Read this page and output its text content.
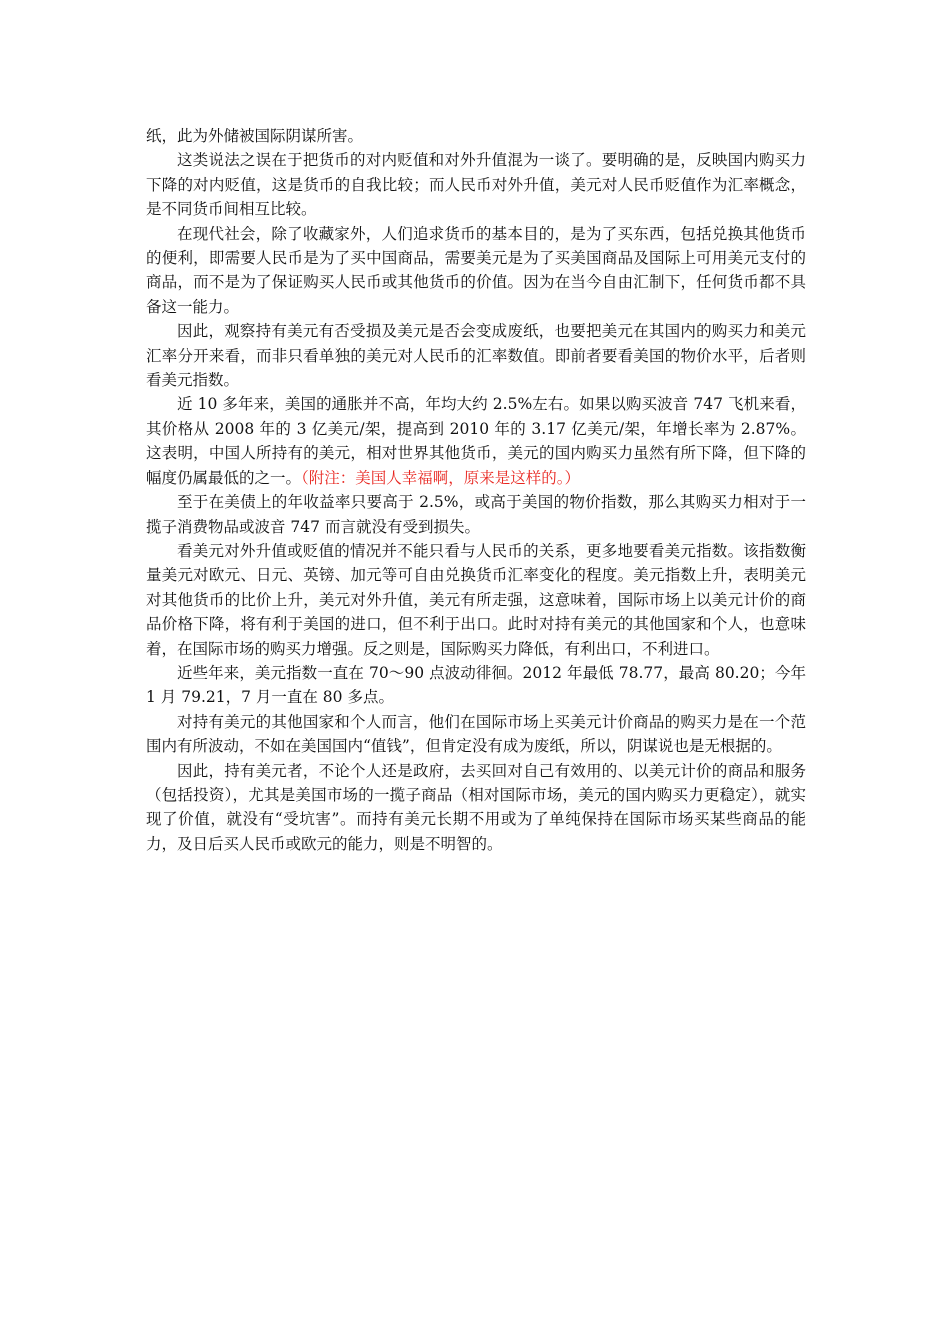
纸，此为外储被国际阴谋所害。

这类说法之误在于把货币的对内贬值和对外升值混为一谈了。要明确的是，反映国内购买力下降的对内贬值，这是货币的自我比较；而人民币对外升值，美元对人民币贬值作为汇率概念，是不同货币间相互比较。

在现代社会，除了收藏家外，人们追求货币的基本目的，是为了买东西，包括兑换其他货币的便利，即需要人民币是为了买中国商品，需要美元是为了买美国商品及国际上可用美元支付的商品，而不是为了保证购买人民币或其他货币的价值。因为在当今自由汇制下，任何货币都不具备这一能力。

因此，观察持有美元有否受损及美元是否会变成废纸，也要把美元在其国内的购买力和美元汇率分开来看，而非只看单独的美元对人民币的汇率数值。即前者要看美国的物价水平，后者则看美元指数。

近 10 多年来，美国的通胀并不高，年均大约 2.5%左右。如果以购买波音 747 飞机来看，其价格从 2008 年的 3 亿美元/架，提高到 2010 年的 3.17 亿美元/架，年增长率为 2.87%。这表明，中国人所持有的美元，相对世界其他货币，美元的国内购买力虽然有所下降，但下降的幅度仍属最低的之一。（附注：美国人幸福啊，原来是这样的。）

至于在美债上的年收益率只要高于 2.5%，或高于美国的物价指数，那么其购买力相对于一揽子消费物品或波音 747 而言就没有受到损失。

看美元对外升值或贬值的情况并不能只看与人民币的关系，更多地要看美元指数。该指数衡量美元对欧元、日元、英镑、加元等可自由兑换货币汇率变化的程度。美元指数上升，表明美元对其他货币的比价上升，美元对外升值，美元有所走强，这意味着，国际市场上以美元计价的商品价格下降，将有利于美国的进口，但不利于出口。此时对持有美元的其他国家和个人，也意味着，在国际市场的购买力增强。反之则是，国际购买力降低，有利出口，不利进口。

近些年来，美元指数一直在 70～90 点波动徘徊。2012 年最低 78.77，最高 80.20；今年 1 月 79.21，7 月一直在 80 多点。

对持有美元的其他国家和个人而言，他们在国际市场上买美元计价商品的购买力是在一个范围内有所波动，不如在美国国内“值钱”，但肯定没有成为废纸，所以，阴谋说也是无根据的。

因此，持有美元者，不论个人还是政府，去买回对自己有效用的、以美元计价的商品和服务（包括投资），尤其是美国市场的一揽子商品（相对国际市场，美元的国内购买力更稳定），就实现了价值，就没有“受坑害”。而持有美元长期不用或为了单纯保持在国际市场买某些商品的能力，及日后买人民币或欧元的能力，则是不明智的。
